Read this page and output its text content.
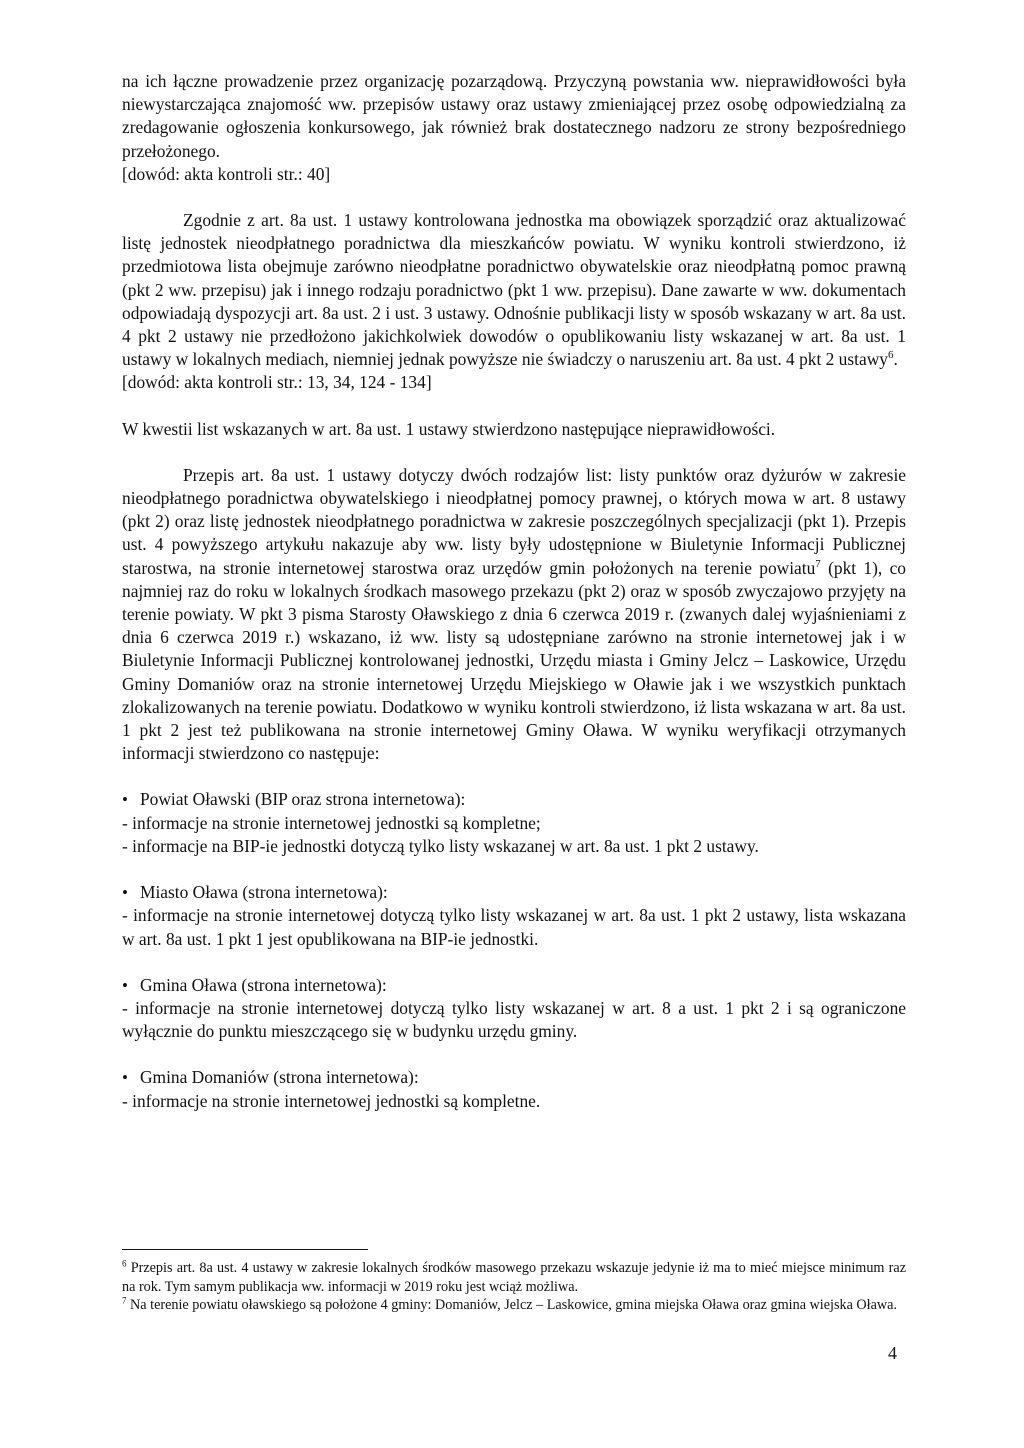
na ich łączne prowadzenie przez organizację pozarządową. Przyczyną powstania ww. nieprawidłowości była niewystarczająca znajomość ww. przepisów ustawy oraz ustawy zmieniającej przez osobę odpowiedzialną za zredagowanie ogłoszenia konkursowego, jak również brak dostatecznego nadzoru ze strony bezpośredniego przełożonego.

[dowód: akta kontroli str.: 40]

Zgodnie z art. 8a ust. 1 ustawy kontrolowana jednostka ma obowiązek sporządzić oraz aktualizować listę jednostek nieodpłatnego poradnictwa dla mieszkańców powiatu. W wyniku kontroli stwierdzono, iż przedmiotowa lista obejmuje zarówno nieodpłatne poradnictwo obywatelskie oraz nieodpłatną pomoc prawną (pkt 2 ww. przepisu) jak i innego rodzaju poradnictwo (pkt 1 ww. przepisu). Dane zawarte w ww. dokumentach odpowiadają dyspozycji art. 8a ust. 2 i ust. 3 ustawy. Odnośnie publikacji listy w sposób wskazany w art. 8a ust. 4 pkt 2 ustawy nie przedłożono jakichkolwiek dowodów o opublikowaniu listy wskazanej w art. 8a ust. 1 ustawy w lokalnych mediach, niemniej jednak powyższe nie świadczy o naruszeniu art. 8a ust. 4 pkt 2 ustawy$^6$.

[dowód: akta kontroli str.: 13, 34, 124 - 134]

W kwestii list wskazanych w art. 8a ust. 1 ustawy stwierdzono następujące nieprawidłowości.

Przepis art. 8a ust. 1 ustawy dotyczy dwóch rodzajów list: listy punktów oraz dyżurów w zakresie nieodpłatnego poradnictwa obywatelskiego i nieodpłatnej pomocy prawnej, o których mowa w art. 8 ustawy (pkt 2) oraz listę jednostek nieodpłatnego poradnictwa w zakresie poszczególnych specjalizacji (pkt 1). Przepis ust. 4 powyższego artykułu nakazuje aby ww. listy były udostępnione w Biuletynie Informacji Publicznej starostwa, na stronie internetowej starostwa oraz urzędów gmin położonych na terenie powiatu$^7$ (pkt 1), co najmniej raz do roku w lokalnych środkach masowego przekazu (pkt 2) oraz w sposób zwyczajowo przyjęty na terenie powiaty. W pkt 3 pisma Starosty Oławskiego z dnia 6 czerwca 2019 r. (zwanych dalej wyjaśnieniami z dnia 6 czerwca 2019 r.) wskazano, iż ww. listy są udostępniane zarówno na stronie internetowej jak i w Biuletynie Informacji Publicznej kontrolowanej jednostki, Urzędu miasta i Gminy Jelcz – Laskowice, Urzędu Gminy Domaniów oraz na stronie internetowej Urzędu Miejskiego w Oławie jak i we wszystkich punktach zlokalizowanych na terenie powiatu. Dodatkowo w wyniku kontroli stwierdzono, iż lista wskazana w art. 8a ust. 1 pkt 2 jest też publikowana na stronie internetowej Gminy Oława. W wyniku weryfikacji otrzymanych informacji stwierdzono co następuje:

• Powiat Oławski (BIP oraz strona internetowa):

- informacje na stronie internetowej jednostki są kompletne;

- informacje na BIP-ie jednostki dotyczą tylko listy wskazanej w art. 8a ust. 1 pkt 2 ustawy.

• Miasto Oława (strona internetowa):

- informacje na stronie internetowej dotyczą tylko listy wskazanej w art. 8a ust. 1 pkt 2 ustawy, lista wskazana w art. 8a ust. 1 pkt 1 jest opublikowana na BIP-ie jednostki.

• Gmina Oława (strona internetowa):

- informacje na stronie internetowej dotyczą tylko listy wskazanej w art. 8 a ust. 1 pkt 2 i są ograniczone wyłącznie do punktu mieszczącego się w budynku urzędu gminy.

• Gmina Domaniów (strona internetowa):

- informacje na stronie internetowej jednostki są kompletne.

$^6$ Przepis art. 8a ust. 4 ustawy w zakresie lokalnych środków masowego przekazu wskazuje jedynie iż ma to mieć miejsce minimum raz na rok. Tym samym publikacja ww. informacji w 2019 roku jest wciąż możliwa.

$^7$ Na terenie powiatu oławskiego są położone 4 gminy: Domaniów, Jelcz – Laskowice, gmina miejska Oława oraz gmina wiejska Oława.

4
